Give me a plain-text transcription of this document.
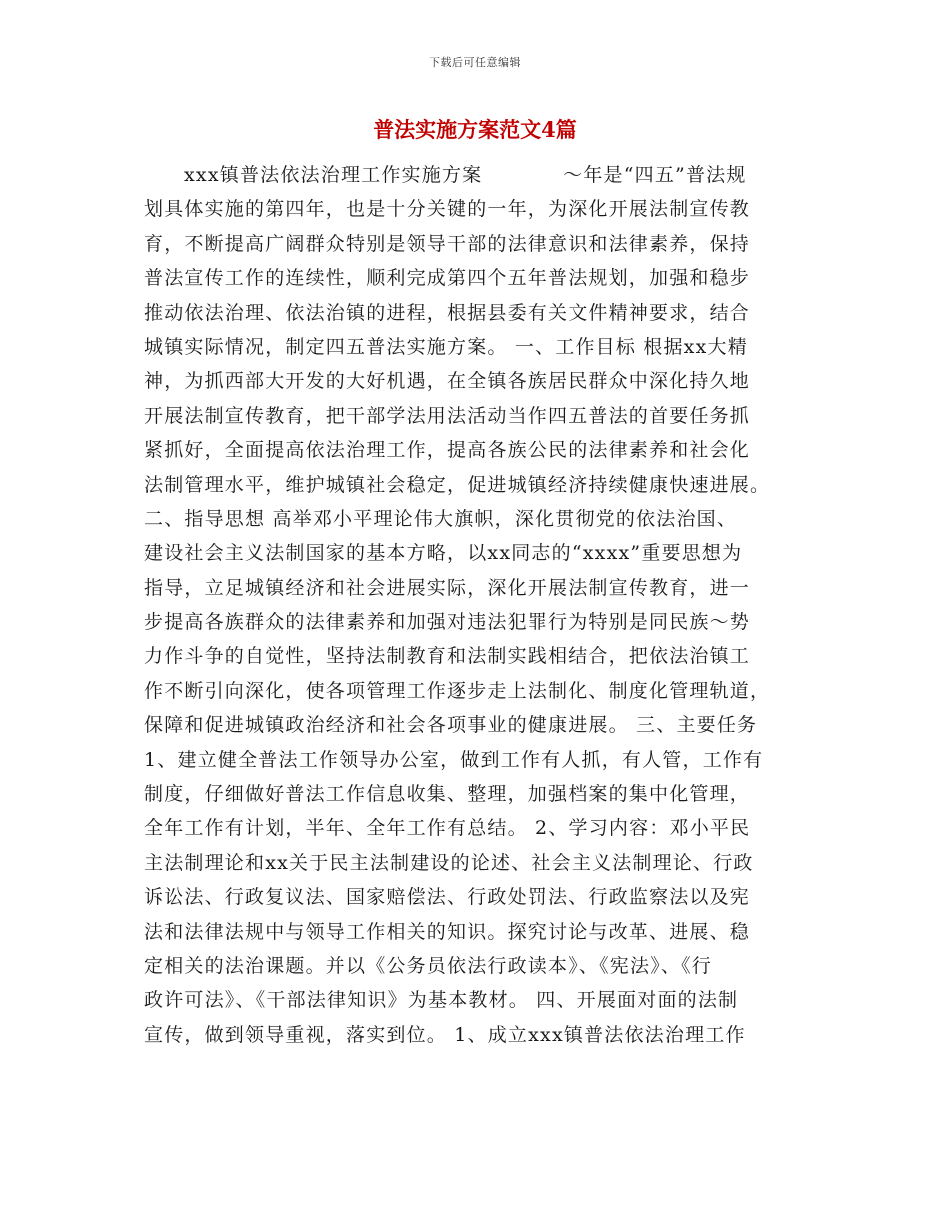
下载后可任意编辑
普法实施方案范文4篇
xxx镇普法依法治理工作实施方案　　　　～年是“四五”普法规
划具体实施的第四年，也是十分关键的一年，为深化开展法制宣传教
育，不断提高广阔群众特别是领导干部的法律意识和法律素养，保持
普法宣传工作的连续性，顺利完成第四个五年普法规划，加强和稳步
推动依法治理、依法治镇的进程，根据县委有关文件精神要求，结合
城镇实际情况，制定四五普法实施方案。 一、工作目标 根据xx大精
神，为抓西部大开发的大好机遇，在全镇各族居民群众中深化持久地
开展法制宣传教育，把干部学法用法活动当作四五普法的首要任务抓
紧抓好，全面提高依法治理工作，提高各族公民的法律素养和社会化
法制管理水平，维护城镇社会稳定，促进城镇经济持续健康快速进展。
二、指导思想 高举邓小平理论伟大旗帜，深化贯彻党的依法治国、
建设社会主义法制国家的基本方略，以xx同志的“xxxx”重要思想为
指导，立足城镇经济和社会进展实际，深化开展法制宣传教育，进一
步提高各族群众的法律素养和加强对违法犯罪行为特别是同民族～势
力作斗争的自觉性，坚持法制教育和法制实践相结合，把依法治镇工
作不断引向深化，使各项管理工作逐步走上法制化、制度化管理轨道，
保障和促进城镇政治经济和社会各项事业的健康进展。 三、主要任务
1、建立健全普法工作领导办公室，做到工作有人抓，有人管，工作有
制度，仔细做好普法工作信息收集、整理，加强档案的集中化管理，
全年工作有计划，半年、全年工作有总结。 2、学习内容：邓小平民
主法制理论和xx关于民主法制建设的论述、社会主义法制理论、行政
诉讼法、行政复议法、国家赔偿法、行政处罚法、行政监察法以及宪
法和法律法规中与领导工作相关的知识。探究讨论与改革、进展、稳
定相关的法治课题。并以《公务员依法行政读本》、《宪法》、《行
政许可法》、《干部法律知识》为基本教材。 四、开展面对面的法制
宣传，做到领导重视，落实到位。 1、成立xxx镇普法依法治理工作
